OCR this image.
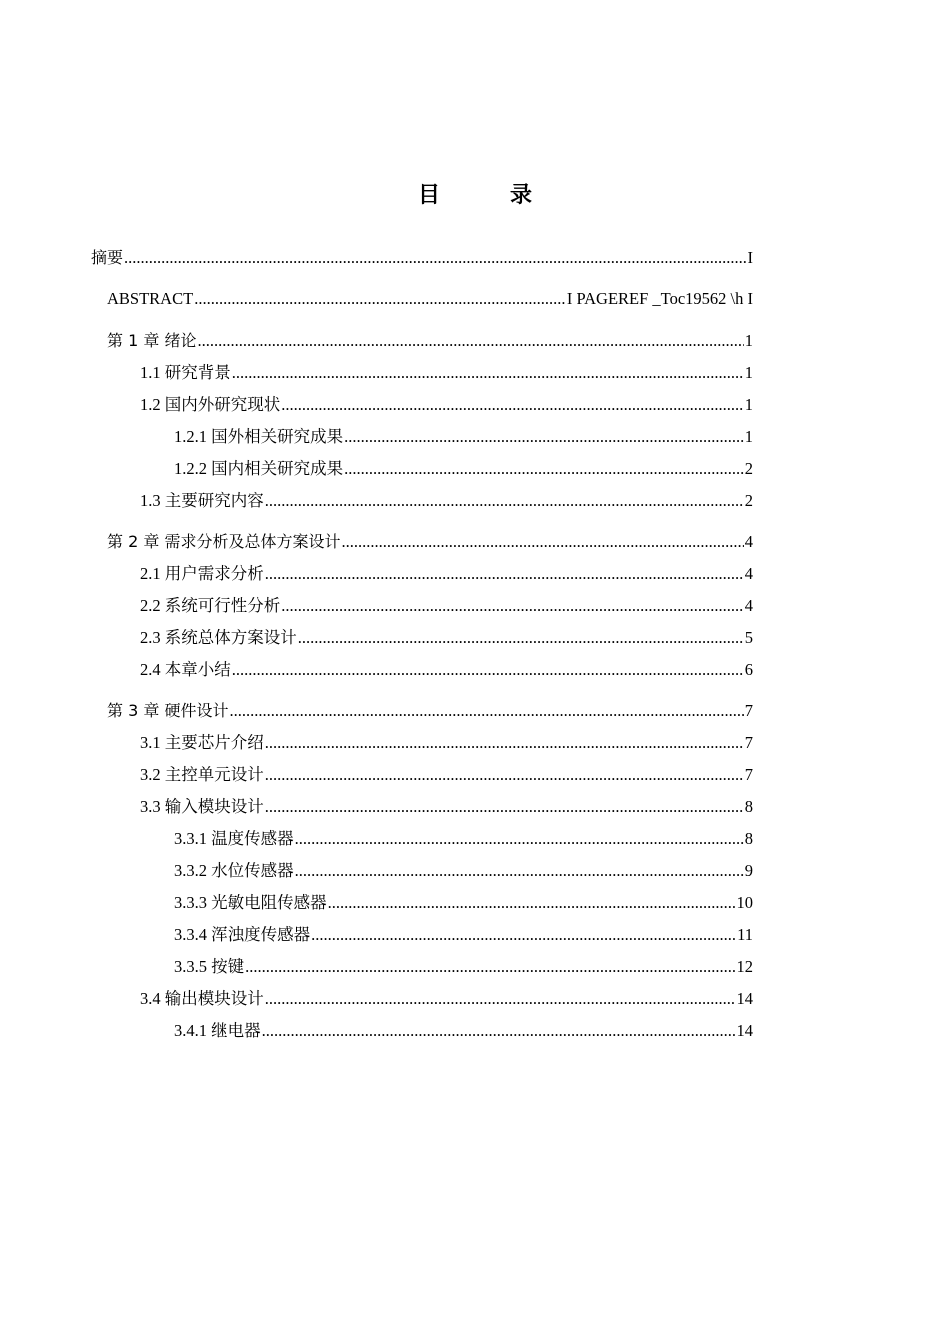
目　录
摘要 .....	I
ABSTRACT .....	I PAGEREF _Toc19562 \h I
第 1 章 绪论 .....	1
1.1 研究背景 .....	1
1.2 国内外研究现状 .....	1
1.2.1 国外相关研究成果 .....	1
1.2.2 国内相关研究成果 .....	2
1.3 主要研究内容 .....	2
第 2 章 需求分析及总体方案设计 .....	4
2.1 用户需求分析 .....	4
2.2 系统可行性分析 .....	4
2.3 系统总体方案设计 .....	5
2.4 本章小结 .....	6
第 3 章 硬件设计 .....	7
3.1 主要芯片介绍 .....	7
3.2 主控单元设计 .....	7
3.3 输入模块设计 .....	8
3.3.1 温度传感器 .....	8
3.3.2 水位传感器 .....	9
3.3.3 光敏电阻传感器 .....	10
3.3.4 浑浊度传感器 .....	11
3.3.5 按键 .....	12
3.4 输出模块设计 .....	14
3.4.1 继电器 .....	14
